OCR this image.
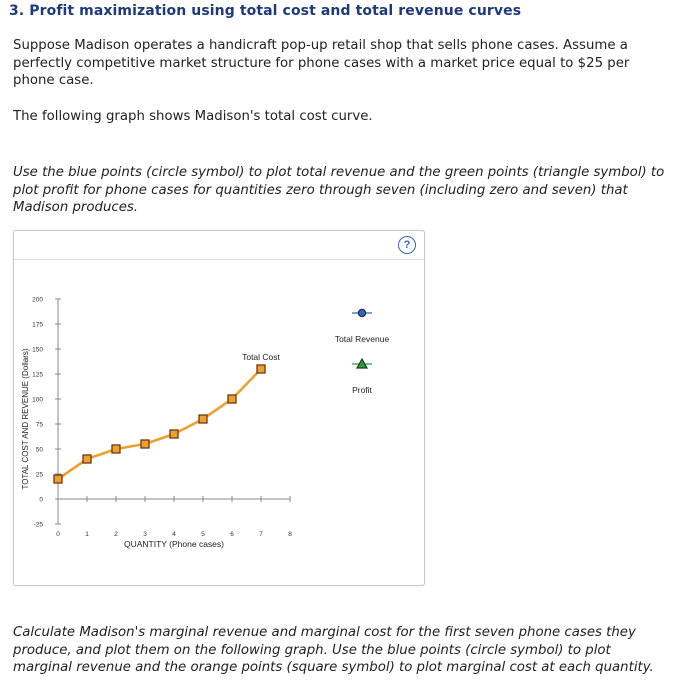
3. Profit maximization using total cost and total revenue curves
Suppose Madison operates a handicraft pop-up retail shop that sells phone cases. Assume a perfectly competitive market structure for phone cases with a market price equal to $25 per phone case.
The following graph shows Madison's total cost curve.
Use the blue points (circle symbol) to plot total revenue and the green points (triangle symbol) to plot profit for phone cases for quantities zero through seven (including zero and seven) that Madison produces.
?
-25
0
25
50
75
100
125
150
175
200
0	1	2	3	4	5	6	7	8
Total Cost
QUANTITY (Phone cases)
TOTAL COST AND REVENUE (Dollars)
Total Revenue
Profit
Calculate Madison's marginal revenue and marginal cost for the first seven phone cases they produce, and plot them on the following graph. Use the blue points (circle symbol) to plot marginal revenue and the orange points (square symbol) to plot marginal cost at each quantity.
